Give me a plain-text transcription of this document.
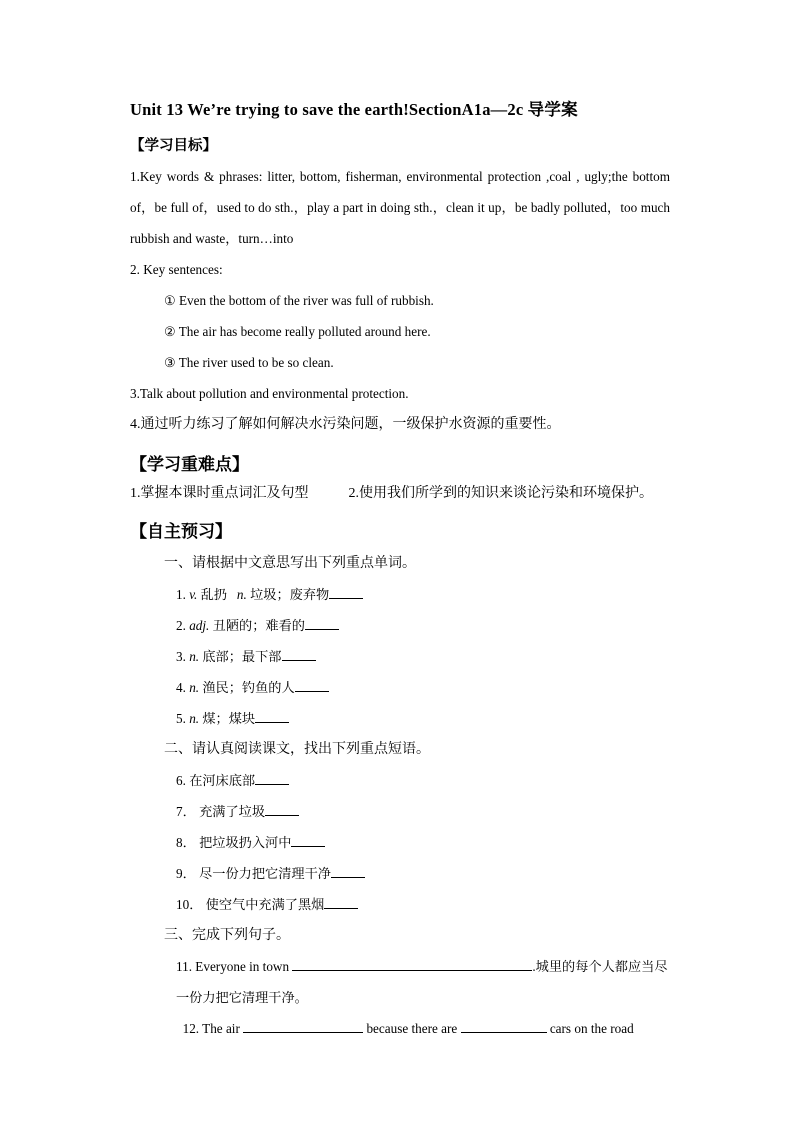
Unit 13 We’re trying to save the earth!SectionA1a—2c 导学案
【学习目标】

1.Key words & phrases: litter, bottom, fisherman, environmental protection ,coal , ugly;the bottom of，be full of，used to do sth.，play a part in doing sth.，clean it up，be badly polluted，too much rubbish and waste，turn…into

2. Key sentences:

① Even the bottom of the river was full of rubbish.

② The air has become really polluted around here.

③ The river used to be so clean.

3.Talk about pollution and environmental protection.

4.通过听力练习了解如何解决水污染问题，一级保护水资源的重要性。

【学习重难点】
1.掌握本课时重点词汇及句型	2.使用我们所学到的知识来谈论污染和环境保护。
【自主预习】

一、请根据中文意思写出下列重点单词。

1. v. 乱扔 n. 垃圾；废弃物

2. adj. 丑陋的；难看的

3. n. 底部；最下部

4. n. 渔民；钓鱼的人

5. n. 煤；煤块

二、请认真阅读课文，找出下列重点短语。

6. 在河床底部

7． 充满了垃圾

8． 把垃圾扔入河中

9． 尽一份力把它清理干净

10． 使空气中充满了黑烟

三、完成下列句子。

11. Everyone in town	.城里的每个人都应当尽一份力把它清理干净。

12. The air	because there are	cars on the road
